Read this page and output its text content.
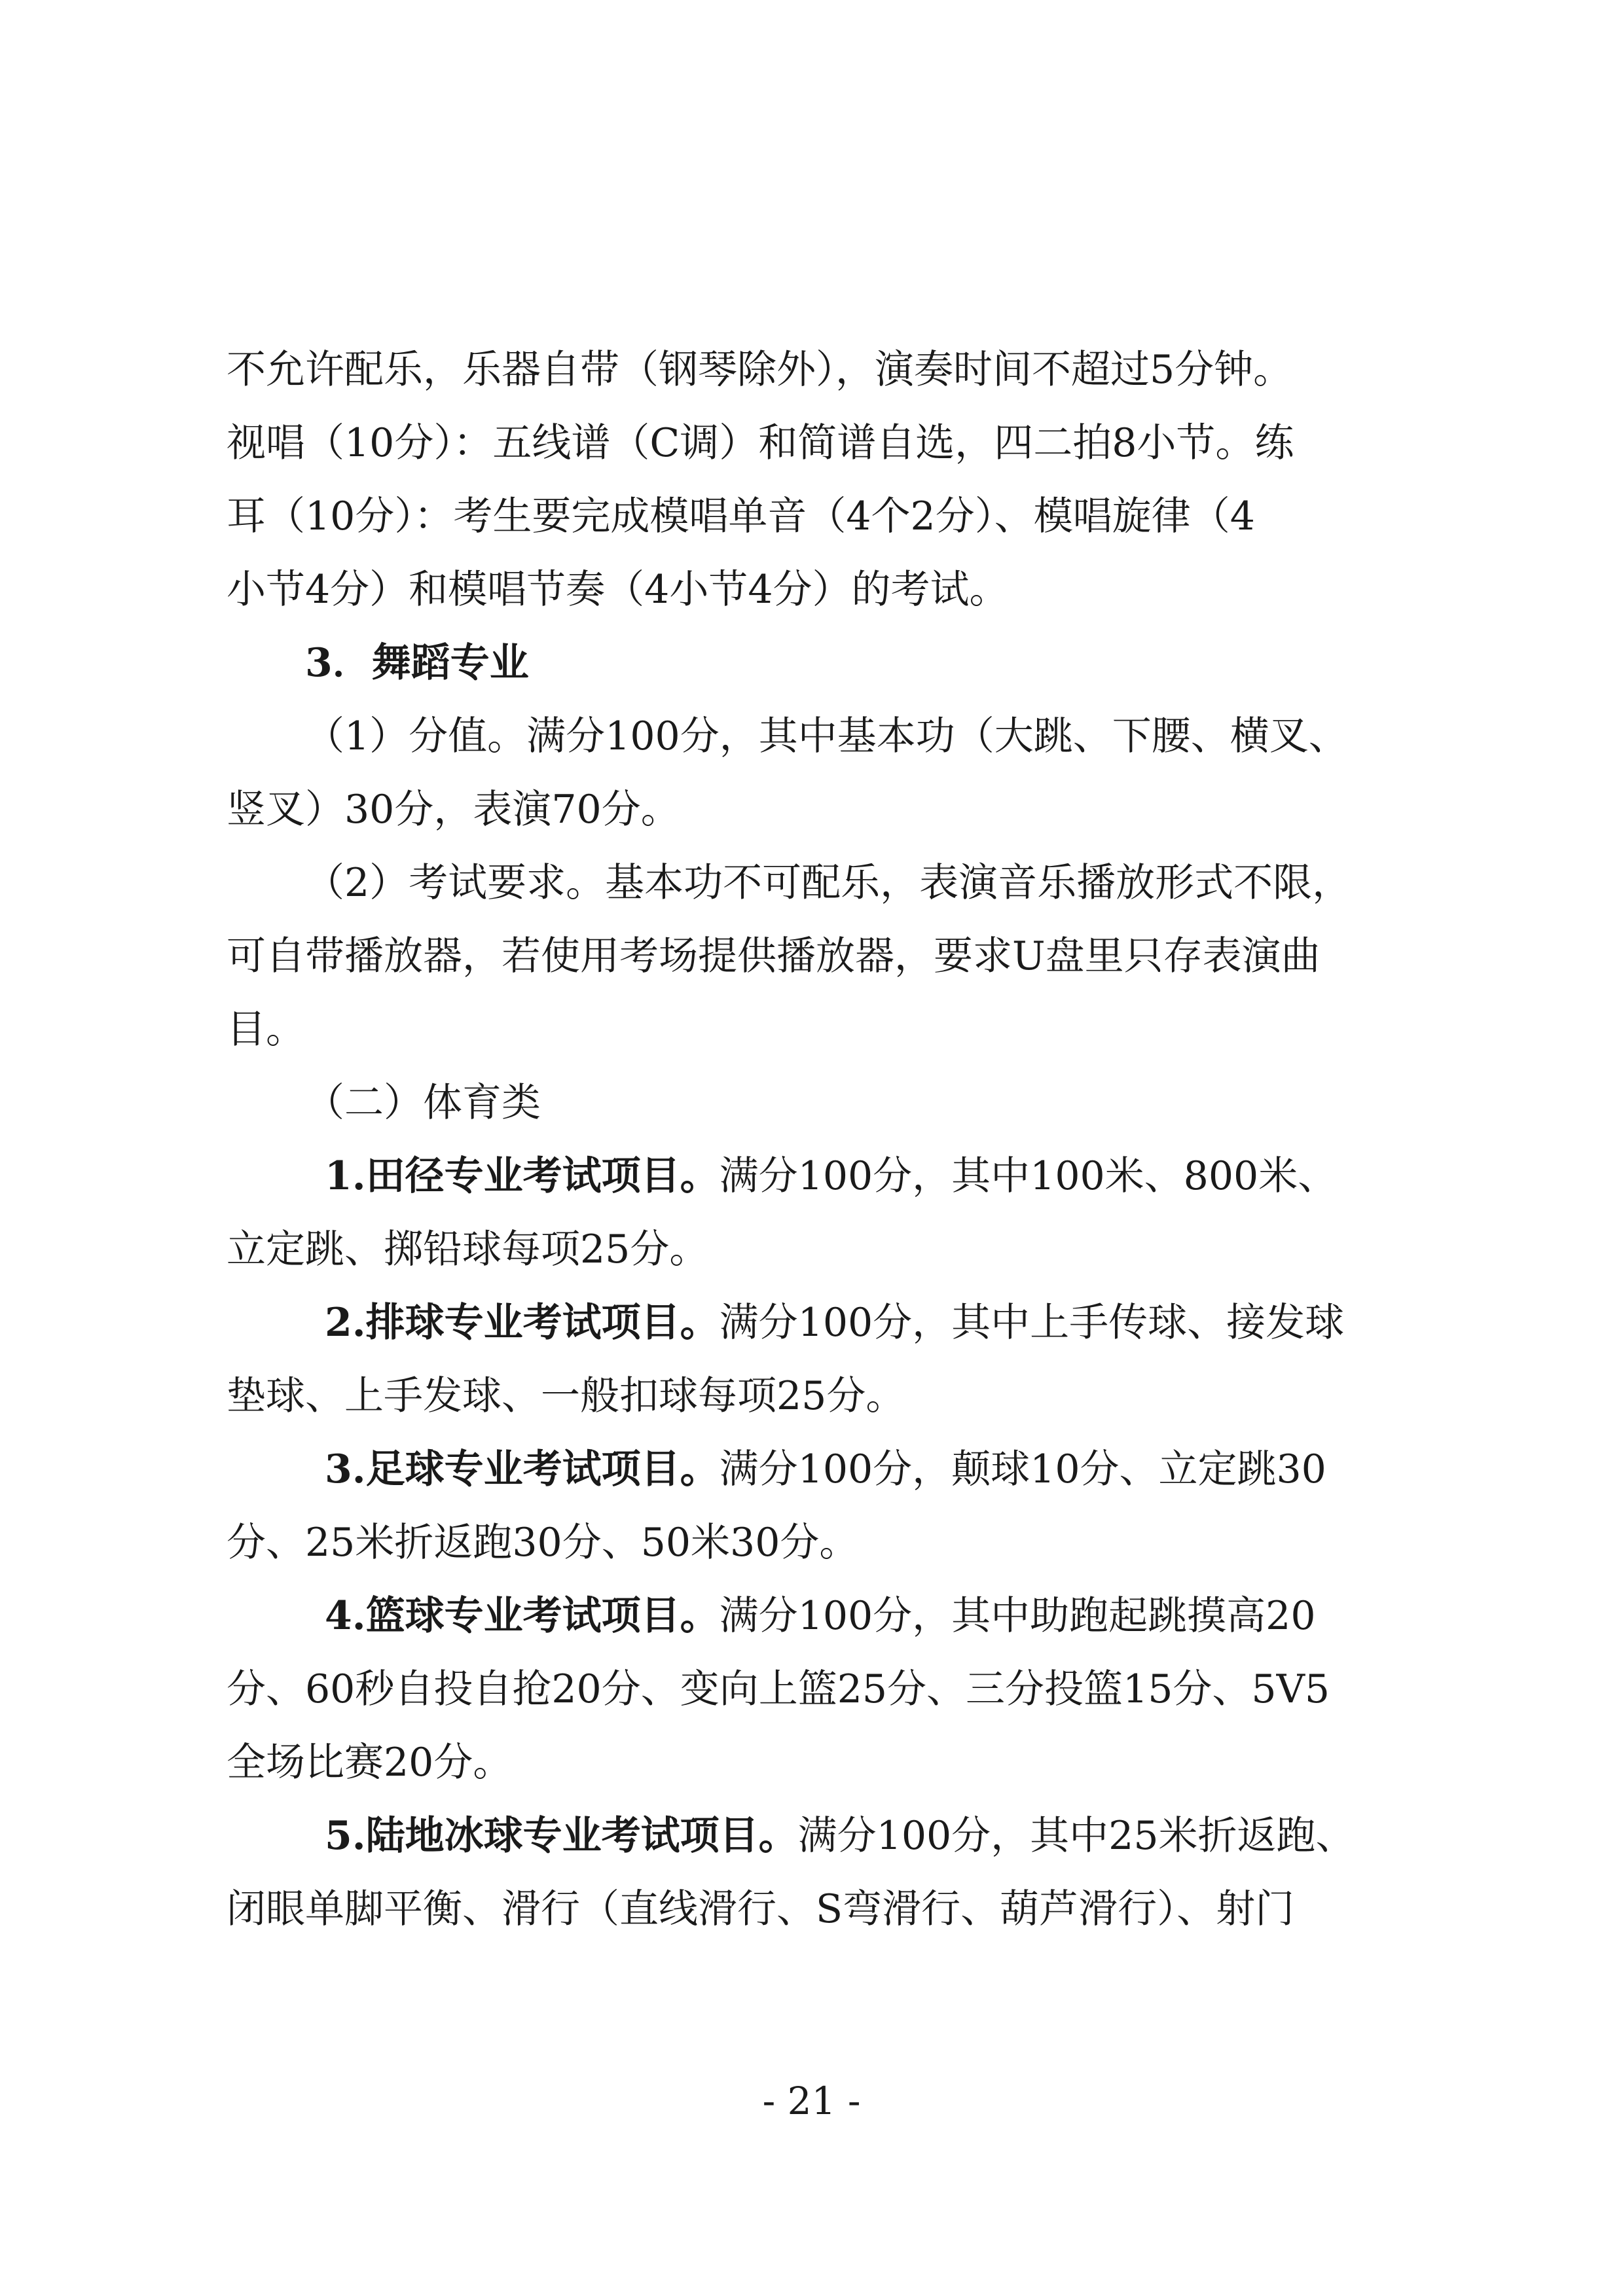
不允许配乐，乐器自带（钢琴除外），演奏时间不超过5分钟。
视唱（10分）：五线谱（C调）和简谱自选，四二拍8小节。练
耳（10分）：考生要完成模唱单音（4个2分）、模唱旋律（4
小节4分）和模唱节奏（4小节4分）的考试。
3．舞蹈专业
（1）分值。满分100分，其中基本功（大跳、下腰、横叉、
竖叉）30分，表演70分。
（2）考试要求。基本功不可配乐，表演音乐播放形式不限，
可自带播放器，若使用考场提供播放器，要求U盘里只存表演曲
目。
（二）体育类
1.田径专业考试项目。满分100分，其中100米、800米、
立定跳、掷铅球每项25分。
2.排球专业考试项目。满分100分，其中上手传球、接发球
垫球、上手发球、一般扣球每项25分。
3.足球专业考试项目。满分100分，颠球10分、立定跳30
分、25米折返跑30分、50米30分。
4.篮球专业考试项目。满分100分，其中助跑起跳摸高20
分、60秒自投自抢20分、变向上篮25分、三分投篮15分、5V5
全场比赛20分。
5.陆地冰球专业考试项目。满分100分，其中25米折返跑、
闭眼单脚平衡、滑行（直线滑行、S弯滑行、葫芦滑行）、射门
- 21 -
